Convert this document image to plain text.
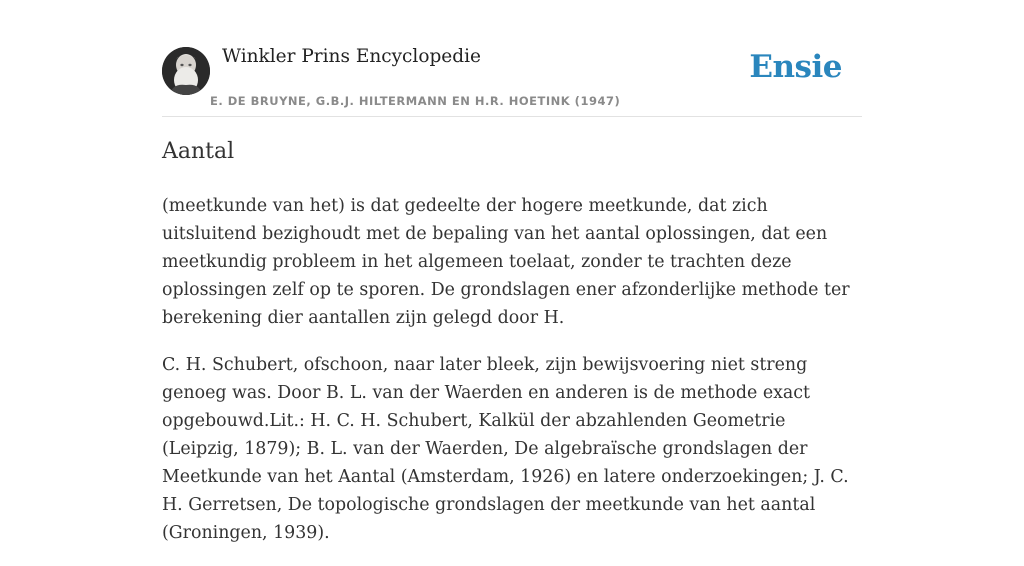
Winkler Prins Encyclopedie
E. DE BRUYNE, G.B.J. HILTERMANN EN H.R. HOETINK (1947)
Ensie
Aantal

(meetkunde van het) is dat gedeelte der hogere meetkunde, dat zich uitsluitend bezighoudt met de bepaling van het aantal oplossingen, dat een meetkundig probleem in het algemeen toelaat, zonder te trachten deze oplossingen zelf op te sporen. De grondslagen ener afzonderlijke methode ter berekening dier aantallen zijn gelegd door H.

C. H. Schubert, ofschoon, naar later bleek, zijn bewijsvoering niet streng genoeg was. Door B. L. van der Waerden en anderen is de methode exact opgebouwd.Lit.: H. C. H. Schubert, Kalkül der abzahlenden Geometrie (Leipzig, 1879); B. L. van der Waerden, De algebraïsche grondslagen der Meetkunde van het Aantal (Amsterdam, 1926) en latere onderzoekingen; J. C. H. Gerretsen, De topologische grondslagen der meetkunde van het aantal (Groningen, 1939).
